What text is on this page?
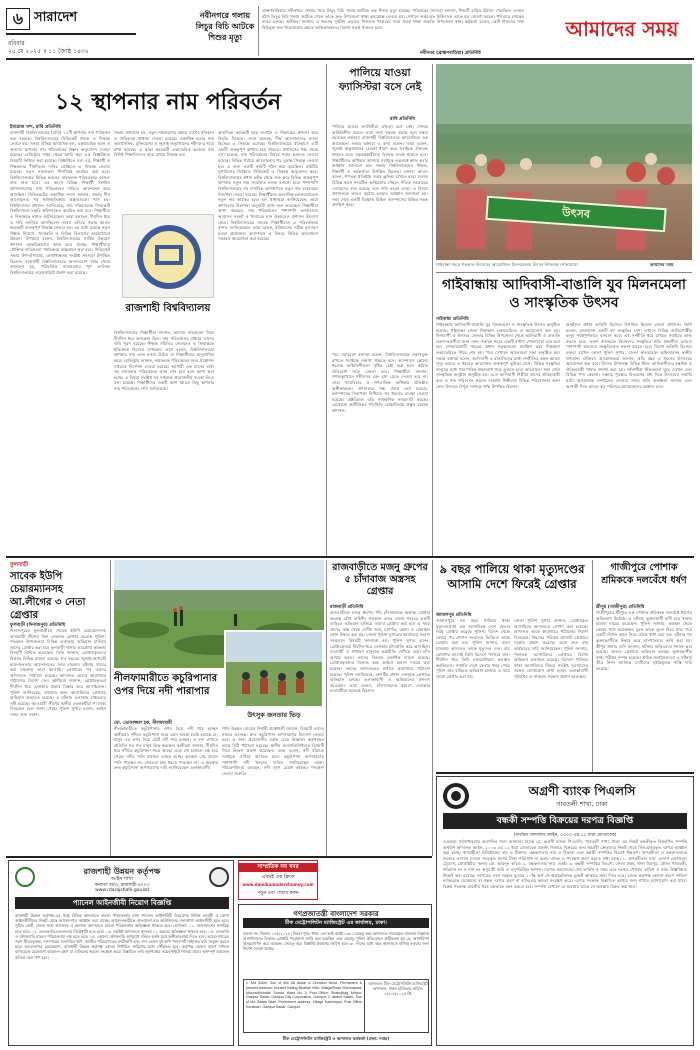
৬ সারাদেশ
রবিবার
২৫ মে ২০২৫ ॥ ১১ জ্যৈষ্ঠ ১৪৩২
নবীনগরে গলায় লিচুর বিচি আটকে শিশুর মৃত্যু
ব্রাহ্মণবাড়িয়ার নবীনগরে খেলার সময় লিচুর বিচি গলায় আটকে এক শিশুর মৃত্যু হয়েছে। পরিবারের সদস্যরা জানান, শিশুটি বাড়ির উঠানে খেলছিল। এসময় হঠাৎ লিচুর বিচি গলায় আটকে গেলে তাকে দ্রুত উপজেলা স্বাস্থ্য কমপ্লেক্সে নেওয়া হয়। সেখানে কর্তব্যরত চিকিৎসক তাকে মৃত ঘোষণা করেন। পরিবারে শোকের মাতম চলছে। স্থানীয়রা জানান, এ ধরনের দুর্ঘটনা এড়াতে শিশুদের খাবারের সময় সতর্ক থাকা জরুরি। উপজেলা স্বাস্থ্য কর্মকর্তা বলেন, ছোট শিশুদের শক্ত বিচিযুক্ত ফল খাওয়ানোর ক্ষেত্রে অভিভাবকদের বিশেষ সতর্ক থাকতে হবে।
নবীনগর (ব্রাহ্মণবাড়িয়া) প্রতিনিধি
আমাদের সময়
১২ স্থাপনার নাম পরিবর্তন
ইমরোজ খন্দ, রাবি প্রতিনিধি
রাজশাহী বিশ্ববিদ্যালয়ের (রাবি) ১২টি স্থাপনার নাম পরিবর্তন করা হয়েছে। বিশ্ববিদ্যালয়ের সিন্ডিকেট সভায় এ সিদ্ধান্ত নেওয়া হয়। সভায় বিভিন্ন আবাসিক হল, একাডেমিক ভবন ও অন্যান্য স্থাপনার নাম পরিবর্তনের প্রস্তাব অনুমোদন দেওয়া হয়েছে। রেজিস্ট্রার দপ্তর থেকে জারি করা এক বিজ্ঞপ্তিতে বিষয়টি নিশ্চিত করা হয়েছে। বিজ্ঞপ্তিতে বলা হয়, শিক্ষার্থী ও শিক্ষকদের দীর্ঘদিনের দাবির প্রেক্ষিতে এ সিদ্ধান্ত নেওয়া হয়েছে। নতুন নামগুলো শিগগিরই কার্যকর করা হবে। বিশ্ববিদ্যালয়ের বিভিন্ন ভবনের নামফলক পরিবর্তনের কাজও দ্রুত শুরু হবে। এর আগে বিভিন্ন শিক্ষার্থী সংগঠন স্থাপনাগুলোর নাম পরিবর্তনের দাবিতে আন্দোলন করে আসছিল। সিন্ডিকেটের একাধিক সদস্য জানান, সভায় দীর্ঘ আলোচনার পর সর্বসম্মতিক্রমে প্রস্তাবগুলো পাস হয়। বিশ্ববিদ্যালয় প্রশাসন জানিয়েছে, নাম পরিবর্তনের সিদ্ধান্তটি বিশ্ববিদ্যালয় মঞ্জুরি কমিশনকেও অবহিত করা হবে। শিক্ষার্থীরা এ সিদ্ধান্তকে স্বাগত জানিয়েছেন। তারা বলছেন, দীর্ঘদিন ধরে এ দাবি জানিয়ে আসছিলেন তারা। এদিকে সভায় আরও কয়েকটি গুরুত্বপূর্ণ সিদ্ধান্ত নেওয়া হয়। এর মধ্যে রয়েছে নতুন শিক্ষক নিয়োগ, পদোন্নতি ও বিভিন্ন বিভাগের অবকাঠামো উন্নয়ন। উপাচার্য বলেন, বিশ্ববিদ্যালয়ের সার্বিক উন্নয়নে প্রশাসন আন্তরিকভাবে কাজ করে যাচ্ছে। শিক্ষার্থীদের যৌক্তিক দাবিগুলো পর্যায়ক্রমে বাস্তবায়ন করা হবে। সিন্ডিকেট সভায় উপ-উপাচার্য, কোষাধ্যক্ষসহ সংশ্লিষ্ট সদস্যরা উপস্থিত ছিলেন। রাজশাহী বিশ্ববিদ্যালয়ের জনসংযোগ দপ্তর থেকে জানানো হয়, পরিবর্তিত নামগুলোর পূর্ণ তালিকা বিশ্ববিদ্যালয়ের ওয়েবসাইটে প্রকাশ করা হয়েছে।
সভায় জানানো হয়, নতুন নামকরণের ক্ষেত্রে দেশের ইতিহাস ও ঐতিহ্যকে প্রাধান্য দেওয়া হয়েছে। একাধিক হলের নাম ভাষাসৈনিক, মুক্তিযোদ্ধা ও জুলাই অভ্যুত্থানের শহীদদের নামে রাখা হয়েছে। এ ছাড়া কয়েকটি একাডেমিক ভবনের নাম বিশিষ্ট শিক্ষাবিদদের নামে রাখার সিদ্ধান্ত হয়।
রাজশাহী বিশ্ববিদ্যালয়
বিশ্ববিদ্যালয়ের শিক্ষার্থীরা জানান, আগের নামগুলো নিয়ে দীর্ঘদিন ধরে অসন্তোষ ছিল। নাম পরিবর্তনের মাধ্যমে তাদের দাবি পূরণ হয়েছে। শিক্ষক সমিতির নেতারাও এ সিদ্ধান্তকে ইতিবাচক হিসেবে দেখছেন। তারা বলেন, বিশ্ববিদ্যালয়ের স্থাপনার নাম এমন হওয়া উচিত যা শিক্ষার্থীদের অনুপ্রাণিত করে। রেজিস্ট্রার জানান, নামফলক পরিবর্তনের জন্য প্রকৌশল দপ্তরকে নির্দেশনা দেওয়া হয়েছে। আগামী এক মাসের মধ্যে সব নামফলক পরিবর্তনের কাজ শেষ হবে বলে আশা করা হচ্ছে। এ বিষয়ে সংশ্লিষ্ট সব দপ্তরকে প্রয়োজনীয় ব্যবস্থা নিতে বলা হয়েছে। শিক্ষার্থীদের একটি অংশ আরও কিছু স্থাপনার নাম পরিবর্তনের দাবি জানিয়েছে।
অন্যদিকে কয়েকটি ছাত্র সংগঠন এ সিদ্ধান্তের প্রশংসা করে বিবৃতি দিয়েছে। তারা বলেছে, দীর্ঘ আন্দোলনের ফসল হিসেবে এ সিদ্ধান্ত এসেছে। বিশ্ববিদ্যালয়ের ইতিহাসে এটি একটি গুরুত্বপূর্ণ অধ্যায় হয়ে থাকবে। প্রশাসনের পক্ষ থেকে বলা হয়েছে, নাম পরিবর্তনের বিষয়ে সবার মতামত নেওয়া হয়েছে। বিভিন্ন পর্যায়ে আলোচনার পর চূড়ান্ত সিদ্ধান্ত নেওয়া হয়। এ জন্য একটি কমিটি গঠন করা হয়েছিল। কমিটির সুপারিশের ভিত্তিতে সিন্ডিকেট এ সিদ্ধান্ত অনুমোদন করে। বিশ্ববিদ্যালয়ের প্রধান ফটক থেকে শুরু করে বিভিন্ন গুরুত্বপূর্ণ স্থাপনায় নতুন নাম সংবলিত ফলক বসানো হবে। পাশাপাশি বিশ্ববিদ্যালয়ের সব দাপ্তরিক কাগজপত্রে নতুন নাম ব্যবহারের নির্দেশনা দেওয়া হয়েছে। শিক্ষার্থীদের আবাসিক হলগুলোতেও নতুন নাম কার্যকর হবে। হল প্রাধ্যক্ষরা জানিয়েছেন, তারা প্রশাসনের নির্দেশনা অনুযায়ী কাজ শুরু করেছেন। শিক্ষার্থীরা আশা করছেন, নাম পরিবর্তনের পাশাপাশি হলগুলোর আবাসন সংকট ও খাবারের মান উন্নয়নেও প্রশাসন উদ্যোগ নেবে। বিশ্ববিদ্যালয়ের সাবেক শিক্ষার্থীরাও এ পরিবর্তনকে স্বাগত জানিয়েছেন। তারা বলেন, ইতিহাসের সঠিক মূল্যায়ন হওয়া প্রয়োজন। ক্যাম্পাসে এ বিষয়ে বিভিন্ন আলোচনা সভারও আয়োজন করা হয়েছে।
পালিয়ে যাওয়া ফ্যাসিস্টরা বসে নেই
রাবি প্রতিনিধি
পালিয়ে যাওয়া ফ্যাসিস্টরা এখনো বসে নেই। দেশকে অস্থিতিশীল করতে তারা নানা ষড়যন্ত্র করছে বলে মন্তব্য করেছেন বক্তারা। রাজশাহী বিশ্ববিদ্যালয়ে আয়োজিত এক আলোচনা সভায় বক্তারা এ কথা বলেন। তারা বলেন, জুলাই অভ্যুত্থানের চেতনা ধারণ করে সবাইকে ঐক্যবদ্ধ থাকতে হবে। ষড়যন্ত্রকারীদের বিরুদ্ধে সতর্ক থাকতে হবে। শিক্ষার্থীদের অধিকার আদায়ে সবাইকে একসঙ্গে কাজ করার আহ্বান জানানো হয়। সভায় বিশ্ববিদ্যালয়ের শিক্ষক, শিক্ষার্থী ও কর্মকর্তারা উপস্থিত ছিলেন। বক্তারা আরও বলেন, গণতন্ত্র প্রতিষ্ঠায় সবার ভূমিকা রাখতে হবে। দেশের বিভিন্ন স্থানে সংঘটিত অস্থিরতার পেছনে পতিত সরকারের দোসরদের হাত রয়েছে বলে দাবি করেন তারা। এ বিষয়ে প্রশাসনকে আরও কঠোর হওয়ার আহ্বান জানানো হয়। সভা শেষে একটি বিক্ষোভ মিছিল ক্যাম্পাসের বিভিন্ন সড়ক প্রদক্ষিণ করে।
পরে সমাবেশে বক্তারা বলেন, বিশ্ববিদ্যালয়কে সন্ত্রাসমুক্ত রাখতে সবাইকে সজাগ থাকতে হবে। ক্যাম্পাসে কোনো ধরনের অস্থিতিশীলতা সৃষ্টির চেষ্টা করা হলে কঠোর প্রতিরোধ গড়ে তোলা হবে। শিক্ষার্থীরা জানান, গণঅভ্যুত্থানে শহীদদের রক্ত বৃথা যেতে দেওয়া হবে না। তারা ন্যায়বিচার ও গণতান্ত্রিক অধিকার প্রতিষ্ঠায় অঙ্গীকারবদ্ধ। প্রশাসনের পক্ষ থেকে বলা হয়েছে, ক্যাম্পাসের নিরাপত্তা নিশ্চিতে সব ধরনের ব্যবস্থা নেওয়া হয়েছে। প্রক্টরিয়াল বডি সার্বক্ষণিক নজরদারি করছে। যেকোনো অপ্রীতিকর পরিস্থিতি মোকাবিলায় প্রস্তুত রয়েছে প্রশাসন।
উৎসব
গাইবান্ধা শহরে গতকাল উৎসবের আয়োজিত মিলনমেলার উৎসব উপলক্ষে শোভাযাত্রা	আমাদের সময়
গাইবান্ধায় আদিবাসী-বাঙালি যুব মিলনমেলা ও সাংস্কৃতিক উৎসব
গাইবান্ধা প্রতিনিধি
গাইবান্ধায় আদিবাসী-বাঙালি যুব মিলনমেলা ও সাংস্কৃতিক উৎসব অনুষ্ঠিত হয়েছে। গাইবান্ধা জেলা শিল্পকলা একাডেমিতে এ আয়োজন করা হয়। দিনব্যাপী এ উৎসবে জেলার বিভিন্ন উপজেলা থেকে আদিবাসী ও বাঙালি তরুণ-তরুণীরা অংশ নেন। সকালে শহরে একটি বর্ণাঢ্য শোভাযাত্রা বের করা হয়। শোভাযাত্রাটি শহরের প্রধান সড়কগুলো প্রদক্ষিণ করে শিল্পকলা একাডেমিতে গিয়ে শেষ হয়। পরে সেখানে আলোচনা সভা অনুষ্ঠিত হয়। সভায় বক্তারা বলেন, আদিবাসী ও বাঙালিদের মধ্যে সম্প্রীতির বন্ধন আরও সুদৃঢ় করতে এ ধরনের আয়োজন গুরুত্বপূর্ণ ভূমিকা রাখে। বিভিন্ন সংস্কৃতির মানুষের মধ্যে পারস্পরিক শ্রদ্ধাবোধ গড়ে তুলতে হবে। আলোচনা সভা শেষে সাংস্কৃতিক অনুষ্ঠান অনুষ্ঠিত হয়। এতে আদিবাসী শিল্পীরা তাদের ঐতিহ্যবাহী নৃত্য ও গান পরিবেশন করেন। বাঙালি শিল্পীরাও বিভিন্ন পরিবেশনায় অংশ নেন। উৎসবে বিপুল সংখ্যক দর্শক উপস্থিত ছিলেন।
অনুষ্ঠানে প্রধান অতিথি হিসেবে উপস্থিত ছিলেন জেলা প্রশাসক। তিনি বলেন, বাংলাদেশ একটি বহু সংস্কৃতির দেশ। এখানে বিভিন্ন জাতিগোষ্ঠীর মানুষ শান্তিপূর্ণভাবে বসবাস করে। এই সম্প্রীতি ধরে রাখতে সবাইকে কাজ করতে হবে। তরুণ প্রজন্মকে নিজেদের সংস্কৃতির প্রতি শ্রদ্ধাশীল হওয়ার পাশাপাশি অন্যদের সংস্কৃতিকেও সম্মান করতে হবে। বিশেষ অতিথি হিসেবে বক্তব্য রাখেন জেলা পুলিশ সুপার, জেলা কালচারাল অফিসারসহ স্থানীয় গণ্যমান্য ব্যক্তিরা। আয়োজকরা জানান, প্রতি বছর এ ধরনের উৎসবের আয়োজন করা হবে। উৎসব উপলক্ষে বিভিন্ন স্টলে আদিবাসীদের হস্তশিল্প ও ঐতিহ্যবাহী খাবার প্রদর্শন করা হয়। দর্শনার্থীরা স্টলগুলো ঘুরে দেখেন এবং বিভিন্ন পণ্য কেনেন। সন্ধ্যায় পুরস্কার বিতরণের মধ্য দিয়ে উৎসবের সমাপ্তি ঘটে। আয়োজক সংগঠনের নেতারা সবার প্রতি কৃতজ্ঞতা জানান এবং আগামী দিনে আরও বড় পরিসরে আয়োজনের আশ্বাস দেন।
ফুলবাড়ী
সাবেক ইউপি চেয়ারম্যানসহ আ.লীগের ৩ নেতা গ্রেপ্তার
ফুলবাড়ী (দিনাজপুর) প্রতিনিধি
দিনাজপুরের ফুলবাড়ীতে সাবেক ইউপি চেয়ারম্যানসহ আওয়ামী লীগের তিন নেতাকে গ্রেপ্তার করেছে পুলিশ। গতকাল উপজেলার বিভিন্ন এলাকায় অভিযান চালিয়ে তাদের গ্রেপ্তার করা হয়। ফুলবাড়ী থানার ভারপ্রাপ্ত কর্মকর্তা বিষয়টি নিশ্চিত করেছেন। তিনি জানান, গ্রেপ্তারকৃতদের বিরুদ্ধে বিভিন্ন মামলা রয়েছে। গত বছরের জুলাই-আগস্টে ছাত্র-জনতার আন্দোলনের সময় হামলার ঘটনায় দায়ের করা মামলায় তারা আসামি। গ্রেপ্তারের পর তাদের আদালতে পাঠানো হয়েছে। আদালত তাদের কারাগারে পাঠানোর নির্দেশ দেন। স্থানীয়রা জানান, গ্রেপ্তারকৃতরা দীর্ঘদিন ধরে এলাকায় প্রভাব বিস্তার করে আসছিলেন। পুলিশ জানিয়েছে, মামলার অন্য আসামিদের গ্রেপ্তারে অভিযান অব্যাহত রয়েছে। এ ঘটনায় এলাকায় চাঞ্চল্যের সৃষ্টি হয়েছে। আওয়ামী লীগের স্থানীয় নেতাকর্মীরা গা ঢাকা দিয়েছেন বলে জানা গেছে। পুলিশ সুপার বলেন, আইন সবার জন্য সমান।
নীলফামারীতে কচুরিপানার ওপর দিয়ে নদী পারাপার
উৎসুক জনতার ভিড়
মো. তোফাজ্জল হক, নীলফামারী
নীলফামারীতে কচুরিপানার ওপর দিয়ে নদী পার হচ্ছেন স্থানীয়রা। নদীতে কচুরিপানা জমে এমন অবস্থা তৈরি হয়েছে যে, মানুষ এর ওপর দিয়ে হেঁটে নদী পার হচ্ছেন। এ দৃশ্য দেখতে প্রতিদিন শত শত মানুষ ভিড় করছেন। স্থানীয়রা জানান, দীর্ঘদিন ধরে নদীতে কচুরিপানা জমে আছে। এতে নৌ চলাচল বন্ধ হয়ে গেছে। নদীর পানি প্রবাহও ব্যাহত হচ্ছে। কৃষকরা সেচ কাজে পানি পাচ্ছেন না। জেলেরা মাছ ধরতে পারছেন না। এ অবস্থায় দ্রুত কচুরিপানা অপসারণের দাবি জানিয়েছেন এলাকাবাসী।
পানি উন্নয়ন বোর্ডের নির্বাহী প্রকৌশলী জানান, বিষয়টি তাদের নজরে এসেছে। দ্রুত কচুরিপানা অপসারণের উদ্যোগ নেওয়া হবে। এ জন্য প্রয়োজনীয় বরাদ্দ চেয়ে ঊর্ধ্বতন কর্তৃপক্ষের কাছে চিঠি পাঠানো হয়েছে। স্থানীয় জনপ্রতিনিধিরাও বিষয়টি নিয়ে উদ্বেগ প্রকাশ করেছেন। তারা বলেন, নদী বাঁচাতে সবাইকে এগিয়ে আসতে হবে। কচুরিপানা অপসারণের পাশাপাশি নদী খননের দাবিও জানিয়েছেন তারা। পরিবেশবিদরা বলছেন, নদী দূষণ রোধে কার্যকর পদক্ষেপ নেওয়া জরুরি।
রাজবাড়ীতে মজনু গ্রুপের ৫ চাঁদাবাজ অস্ত্রসহ গ্রেপ্তার
রাজবাড়ী প্রতিনিধি
রাজবাড়ীতে মজনু গ্রুপের পাঁচ চাঁদাবাজকে অস্ত্রসহ গ্রেপ্তার করেছে যৌথ বাহিনী। গতকাল রাতে জেলা শহরের একটি বাড়িতে অভিযান চালিয়ে তাদের গ্রেপ্তার করা হয়। এ সময় তাদের কাছ থেকে দেশীয় অস্ত্র, চাপাতি, রামদা ও মোবাইল ফোন উদ্ধার করা হয়। জেলা পুলিশ সুপারের কার্যালয়ে সংবাদ সম্মেলনে বিষয়টি জানানো হয়। পুলিশ সুপার বলেন, গ্রেপ্তারকৃতরা দীর্ঘদিন ধরে এলাকায় চাঁদাবাজি করে আসছিল। ব্যবসায়ী ও সাধারণ মানুষকে ভয়ভীতি দেখিয়ে তারা চাঁদা আদায় করত। তাদের বিরুদ্ধে একাধিক মামলা রয়েছে। গ্রেপ্তারকৃতদের বিরুদ্ধে অস্ত্র আইনে মামলা দায়ের করা হয়েছে। তাদের আদালতের মাধ্যমে কারাগারে পাঠানো হয়েছে। পুলিশ জানিয়েছে, গ্রুপটির প্রধান মজনুকে গ্রেপ্তারে অভিযান চলছে। এলাকাবাসী এ অভিযানের প্রশংসা করেছেন। তারা বলেন, চাঁদাবাজদের কারণে এলাকার ব্যবসায়ীরা আতঙ্কে ছিলেন।
৯ বছর পালিয়ে থাকা মৃত্যুদণ্ডের আসামি দেশে ফিরেই গ্রেপ্তার
জামালপুর প্রতিনিধি
জামালপুরে নয় বছর পালিয়ে থাকা মৃত্যুদণ্ডপ্রাপ্ত এক আসামিকে দেশে ফেরার পরই গ্রেপ্তার করেছে পুলিশ। বিদেশ থেকে ফেরার পর গোপন সংবাদের ভিত্তিতে তাকে গ্রেপ্তার করা হয়। পুলিশ জানায়, হত্যা মামলায় আদালত তাকে মৃত্যুদণ্ড দেন। রায় ঘোষণার আগেই তিনি বিদেশে পালিয়ে যান। দীর্ঘদিন ধরে তিনি মালয়েশিয়ায় অবস্থান করছিলেন। সম্প্রতি দেশে ফেরার খবর পেয়ে পুলিশ তার বাড়িতে অভিযান চালায়। এ সময় তাকে গ্রেপ্তার করা হয়।
জেলা পুলিশ সুপার জানান, গ্রেপ্তারকৃত আসামিকে আদালতে সোপর্দ করা হয়েছে। আদালত তাকে কারাগারে পাঠানোর নির্দেশ দিয়েছেন। নিহতের পরিবার আসামি গ্রেপ্তারে সন্তোষ প্রকাশ করেছে। তারা দ্রুত রায় কার্যকরের দাবি জানিয়েছেন। পুলিশ জানায়, পলাতক আসামিদের গ্রেপ্তারে বিশেষ অভিযান অব্যাহত রয়েছে। বিদেশে পালিয়ে থাকা আসামিদের বিষয়ে সংশ্লিষ্ট দূতাবাসের সঙ্গেও যোগাযোগ রাখা হচ্ছে। এলাকাবাসী পুলিশের এ সাফল্যে সন্তোষ প্রকাশ করেছেন।
গাজীপুরে পোশাক শ্রমিককে দলবেঁধে ধর্ষণ
শ্রীপুর (গাজীপুর) প্রতিনিধি
গাজীপুরের শ্রীপুরে এক পোশাক শ্রমিককে দলবেঁধে ধর্ষণের অভিযোগ উঠেছে। এ ঘটনায় ভুক্তভোগী বাদী হয়ে থানায় মামলা দায়ের করেছেন। পুলিশ জানায়, কর্মস্থল থেকে ফেরার পথে কয়েকজন যুবক তাকে তুলে নিয়ে যায়। পরে একটি নির্জন স্থানে নিয়ে তাকে ধর্ষণ করা হয়। ঘটনার পর ভুক্তভোগীকে উদ্ধার করে হাসপাতালে ভর্তি করা হয়। শ্রীপুর থানার ওসি জানান, ঘটনায় জড়িতদের শনাক্ত করা হয়েছে। তাদের গ্রেপ্তারে অভিযান চলছে। ভুক্তভোগীর স্বাস্থ্য পরীক্ষা সম্পন্ন হয়েছে। শ্রমিক সংগঠনগুলো এ ঘটনার তীব্র নিন্দা জানিয়ে দোষীদের দৃষ্টান্তমূলক শাস্তি দাবি করেছে।
অগ্রণী ব্যাংক পিএলসি
গাবতলী শাখা, ঢাকা
বন্ধকী সম্পত্তি বিক্রয়ের দরপত্র বিজ্ঞপ্তি
(অর্থঋণ আদালত আইন, ২০০৩ এর ১২ ধারা মোতাবেক)
এতদ্বারা সর্বসাধারণের অবগতির জন্য জানানো যাচ্ছে যে, অগ্রণী ব্যাংক পিএলসি, গাবতলী শাখা, ঢাকা এর নিকট বন্ধকীকৃত নিম্নবর্ণিত সম্পত্তি অর্থঋণ আদালত আইন, ২০০৩ এর ১২ ধারা মোতাবেক প্রকাশ্য নিলামে বিক্রয়ের জন্য আগ্রহী ক্রেতাদের নিকট থেকে সিলমোহরকৃত দরপত্র আহ্বান করা হচ্ছে। ঋণগ্রহীতা প্রতিষ্ঠানের নাম ও ঠিকানা, বন্ধকদাতার নাম ও ঠিকানা এবং বন্ধকী সম্পত্তির বিবরণ নিম্নরূপ। ঋণগ্রহীতা ও বন্ধকদাতাকে বারবার তাগাদা দেওয়া সত্ত্বেও ঋণের টাকা পরিশোধ না করায় ব্যাংক এ পদক্ষেপ গ্রহণ করতে বাধ্য হচ্ছে। ১. ঋণগ্রহীতার নাম: মেসার্স জেনারেল ট্রেডার্স, প্রোপ্রাইটর: জনাব মো. আবদুল করিম। ২. বন্ধকদাতার নাম: একই। ৩. বন্ধকী সম্পত্তির বিবরণ: জেলা ঢাকা, থানা মিরপুর, মৌজা গাবতলী, খতিয়ান নং ও দাগ নং অনুযায়ী জমি ও তদুপরিস্থিত স্থাপনা। দরপত্র জমাদানের শেষ তারিখ ও সময় এবং দরপত্র খোলার তারিখ ও সময় বিজ্ঞপ্তিতে উল্লেখ করা হয়েছে। দরপত্রের সঙ্গে দরকৃত মূল্যের ১০% অর্থ পে-অর্ডার/ব্যাংক ড্রাফট আকারে জমা দিতে হবে। ব্যাংক কর্তৃপক্ষ কোনো কারণ দর্শানো ব্যতিরেকে যেকোনো বা সকল দরপত্র গ্রহণ বা বাতিলের ক্ষমতা সংরক্ষণ করে। দরপত্র সংক্রান্ত বিস্তারিত তথ্যের জন্য শাখায় যোগাযোগ করা যাবে। বিক্রয় সংক্রান্ত যাবতীয় খরচ ক্রেতাকে বহন করতে হবে। সম্পত্তি যেখানে যে অবস্থায় আছে সে অবস্থায় বিক্রয় করা হবে।
রাজশাহী উন্নয়ন কর্তৃপক্ষ
আইন শাখা
বনলতা বা/এ, রাজশাহী-৬২০৩
www.rdarajshahi.gov.bd
প্যানেল আইনজীবী নিয়োগ বিজ্ঞপ্তি
রাজশাহী উন্নয়ন কর্তৃপক্ষ-এর পক্ষে বিভিন্ন আদালতে মামলা পরিচালনার জন্য প্যানেল আইনজীবী নিয়োগের নিমিত্ত আগ্রহী ও যোগ্য আইনজীবীদের নিকট থেকে আবেদনপত্র আহ্বান করা যাচ্ছে। আবেদনকারীকে বাংলাদেশ বার কাউন্সিলের সনদপ্রাপ্ত আইনজীবী হতে হবে। সুপ্রিম কোর্ট, জেলা জজ আদালত ও অন্যান্য আদালতে মামলা পরিচালনার অভিজ্ঞতা থাকতে হবে। যোগ্যতা: ০১. বাংলাদেশের নাগরিক হতে হবে। ০২. এলএলবি/এলএলএম ডিগ্রিধারী হতে হবে। ০৩. সংশ্লিষ্ট আদালতে ন্যূনতম ১০ বছরের অভিজ্ঞতা থাকতে হবে। ০৪. দেওয়ানি ও ফৌজদারি মামলা পরিচালনায় দক্ষ হতে হবে। ০৫. কোনো ফৌজদারি অপরাধে দণ্ডিত হননি মর্মে অঙ্গীকারনামা দিতে হবে। আবেদনপত্রের সঙ্গে জীবনবৃত্তান্ত, সনদপত্রের সত্যায়িত কপি, জাতীয় পরিচয়পত্রের ফটোকপি এবং সদ্য তোলা দুই কপি পাসপোর্ট সাইজের ছবি সংযুক্ত করতে হবে। আবেদনপত্র চেয়ারম্যান, রাজশাহী উন্নয়ন কর্তৃপক্ষ বরাবর নির্ধারিত তারিখের মধ্যে পৌঁছাতে হবে। কর্তৃপক্ষ কোনো কারণ দর্শানো ব্যতিরেকে যেকোনো আবেদন গ্রহণ বা বাতিলের ক্ষমতা সংরক্ষণ করে। বিস্তারিত তথ্য কর্তৃপক্ষের ওয়েবসাইটে পাওয়া যাবে। অসম্পূর্ণ আবেদন বাতিল বলে গণ্য হবে।
সাম্প্রতিক সব খবর
এখনই এক ক্লিকে
www.dainikamadershomoy.com
পড়ুন এবং শেয়ার করুন
গণপ্রজাতন্ত্রী বাংলাদেশ সরকার
চীফ মেট্রোপলিটন ম্যাজিস্ট্রেট এর কার্যালয়, ঢাকা।
মামলা নং: সিআর ১৪৫/২০২৫ (উত্তরা পূর্ব)। ধারা: এন আই অ্যাক্ট-১৩৮। যেহেতু অত্র আদালতে দায়েরকৃত মামলায় নিম্নোক্ত আসামিগণের বিরুদ্ধে গ্রেপ্তারি পরোয়ানা জারি করা হয়েছিল এবং যেহেতু পুলিশ প্রতিবেদনে প্রতীয়মান হয় যে, আসামিগণ আত্মগোপন করে আছেন। সেহেতু অত্র বিজ্ঞপ্তি প্রকাশের তারিখ হতে ৩০ দিনের মধ্যে অত্র আদালতে হাজির হওয়ার জন্য নির্দেশ দেওয়া যাচ্ছে।
1. Md Solim, Son of Md. Ali Akbar & Zinnatun Nesa, Permanent & present address: House/Holding Bhaban Villa, Village/Road Sheorapara, Mouza/Mohalla: Sonda, Ward No. 3, Post Office: Shabujbag, Mirpur, Gazipur Sadar, Gazipur City Corporation, Gazipur. 2. Abdus Salam, Son of Md Sadek Miah, Permanent address: Village Kashimpur, Post Office Konabari, Gazipur Sadar, Gazipur.
আদালত: চীফ মেট্রোপলিটন ম্যাজিস্ট্রেট আদালত, ঢাকা। হাজিরার তারিখ: ১৫/০৬/২০২৫ খ্রি.
চীফ মেট্রোপলিটন ম্যাজিস্ট্রেট ও আদালত কর্মকর্তা (প্রভা: দপ্তর)
